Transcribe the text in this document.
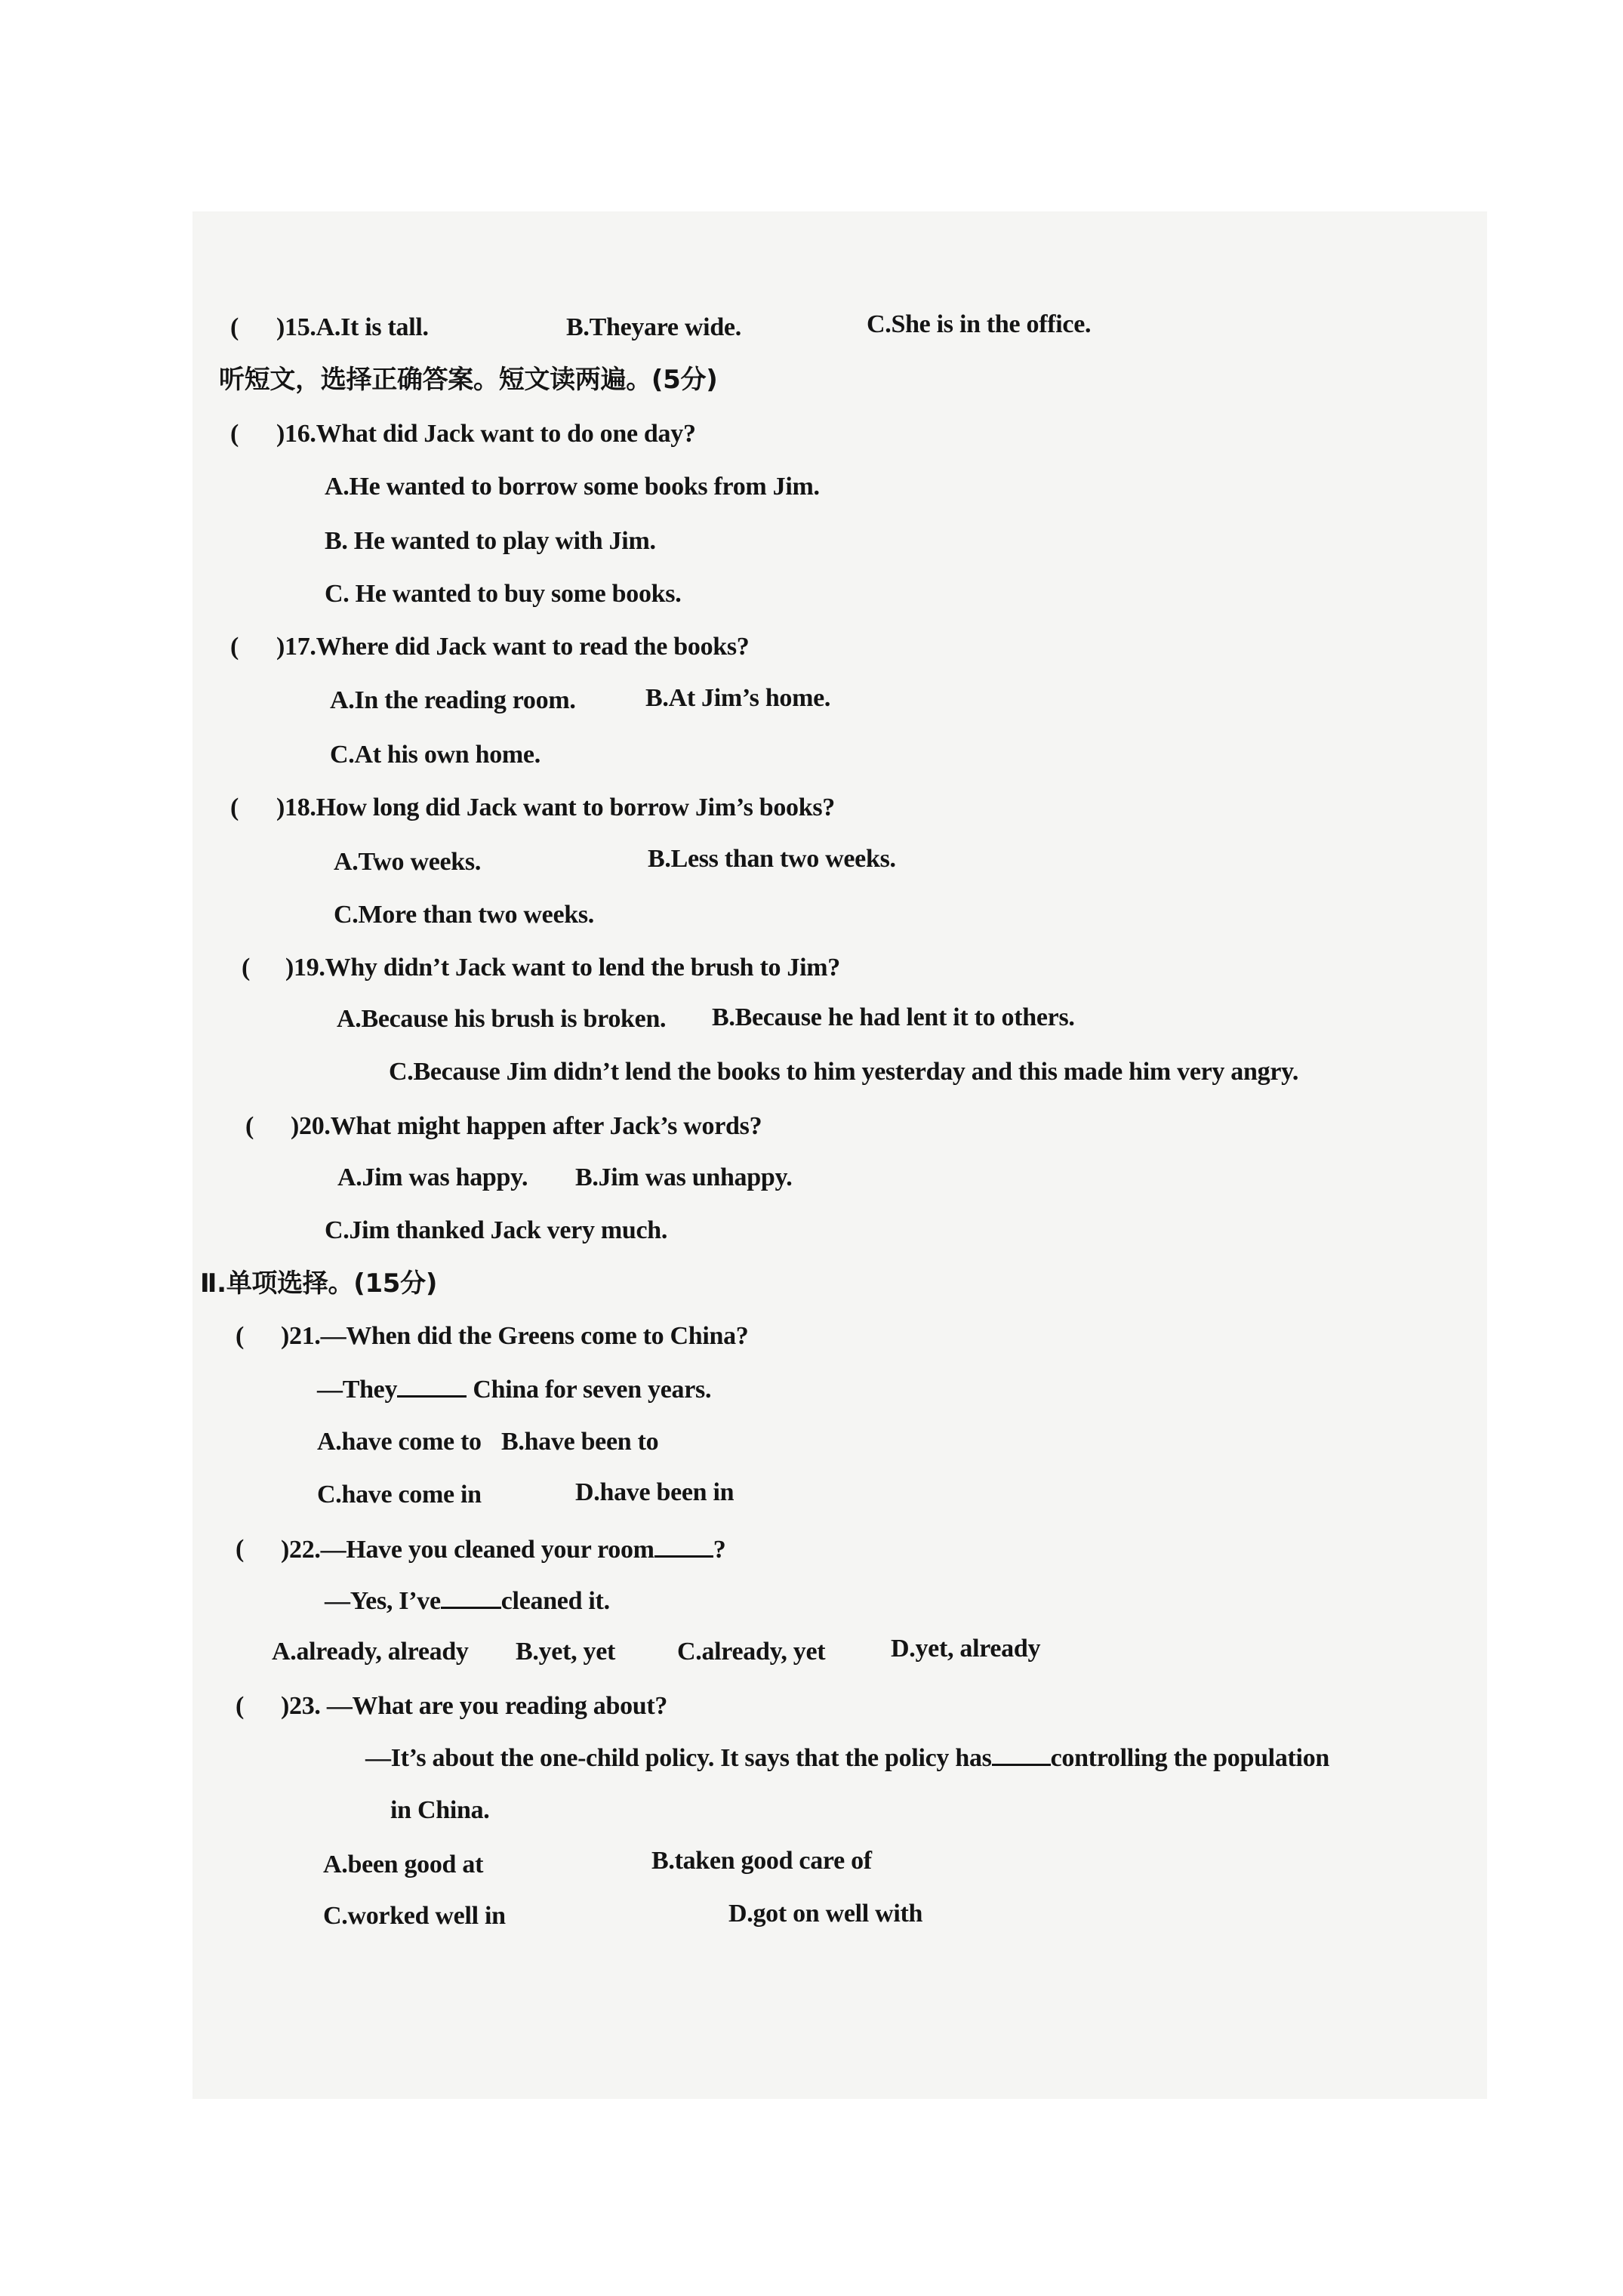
( )15.A.It is tall.	B.Theyare wide.	C.She is in the office.
听短文，选择正确答案。短文读两遍。(5分)
( )16.What did Jack want to do one day?
A.He wanted to borrow some books from Jim.
B. He wanted to play with Jim.
C. He wanted to buy some books.
( )17.Where did Jack want to read the books?
A.In the reading room.	B.At Jim’s home.
C.At his own home.
( )18.How long did Jack want to borrow Jim’s books?
A.Two weeks.	B.Less than two weeks.
C.More than two weeks.
( )19.Why didn’t Jack want to lend the brush to Jim?
A.Because his brush is broken. B.Because he had lent it to others.
C.Because Jim didn’t lend the books to him yesterday and this made him very angry.
( )20.What might happen after Jack’s words?
A.Jim was happy. B.Jim was unhappy.
C.Jim thanked Jack very much.
Ⅱ.单项选择。(15分)
( )21.—When did the Greens come to China?
—They	China for seven years.
A.have come to B.have been to
C.have come in	D.have been in
( )22.—Have you cleaned your room ?
—Yes, I’ve cleaned it.
A.already, already B.yet, yet C.already, yet	D.yet, already
( )23. —What are you reading about?
—It’s about the one-child policy. It says that the policy has controlling the population
in China.
A.been good at	B.taken good care of
C.worked well in	D.got on well with
